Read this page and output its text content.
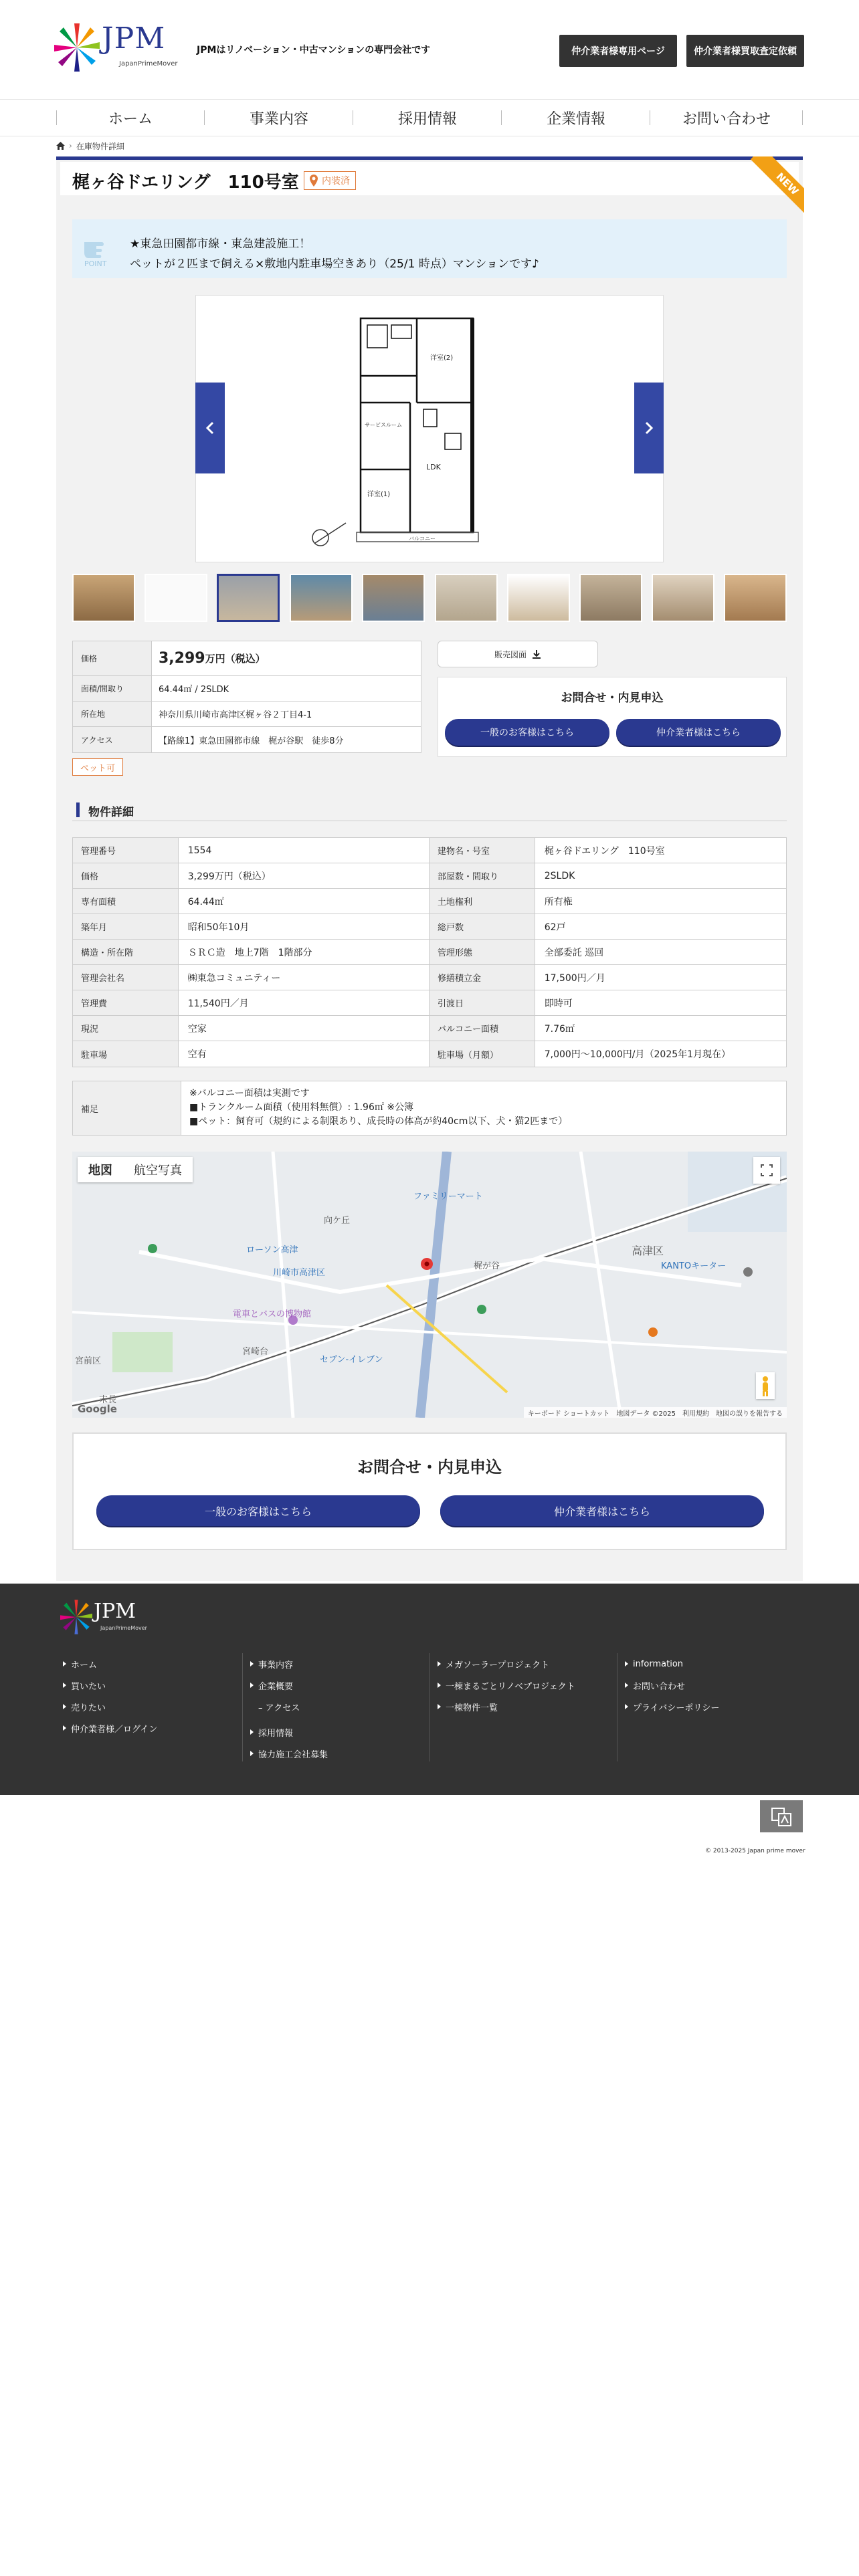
JPM
JapanPrimeMover
JPMはリノベーション・中古マンションの専門会社です	仲介業者様専用ページ	仲介業者様買取査定依頼
ホーム	事業内容	採用情報	企業情報	お問い合わせ
› 在庫物件詳細
梶ヶ谷ドエリング　110号室 内装済	NEW
POINT
★東急田園都市線・東急建設施工！
ペットが２匹まで飼える×敷地内駐車場空きあり（25/1 時点）マンションです♪
洋室(2)
洋室(1)
LDK
サービスルーム
バルコニー
価格	3,299 万円（税込）
面積/間取り	64.44㎡ / 2SLDK
所在地	神奈川県川崎市高津区梶ヶ谷２丁目4-1
アクセス	【路線1】東急田園都市線　梶が谷駅　徒歩8分
ペット可
販売図面
お問合せ・内見申込
一般のお客様はこちら	仲介業者様はこちら
物件詳細
管理番号	1554	建物名・号室	梶ヶ谷ドエリング　110号室
価格	3,299万円（税込）	部屋数・間取り	2SLDK
専有面積	64.44㎡	土地権利	所有権
築年月	昭和50年10月	総戸数	62戸
構造・所在階	ＳＲＣ造　地上7階　1階部分	管理形態	全部委託 巡回
管理会社名	㈱東急コミュニティー	修繕積立金	17,500円／月
管理費	11,540円／月	引渡日	即時可
現況	空家	バルコニー面積	7.76㎡
駐車場	空有	駐車場（月額）	7,000円〜10,000円/月（2025年1月現在）
補足
※バルコニー面積は実測です
■トランクルーム面積（使用料無償）: 1.96㎡ ※公簿
■ペット：飼育可（規約による制限あり、成長時の体高が約40cm以下、犬・猫2匹まで）
向ケ丘
高津区
梶が谷
宮崎台
ローソン高津
川崎市高津区
電車とバスの博物館
セブン-イレブン
ファミリーマート
KANTOキーター
宮前区
末長
地図	航空写真
Google	キーボード ショートカット　地図データ ©2025　利用規約　地図の誤りを報告する
お問合せ・内見申込
一般のお客様はこちら	仲介業者様はこちら
JPM
JapanPrimeMover
ホーム
買いたい
売りたい
仲介業者様／ログイン
事業内容
企業概要
– アクセス
採用情報
協力施工会社募集
メガソーラープロジェクト
一棟まるごとリノベプロジェクト
一棟物件一覧
information
お問い合わせ
プライバシーポリシー
© 2013-2025 Japan prime mover
